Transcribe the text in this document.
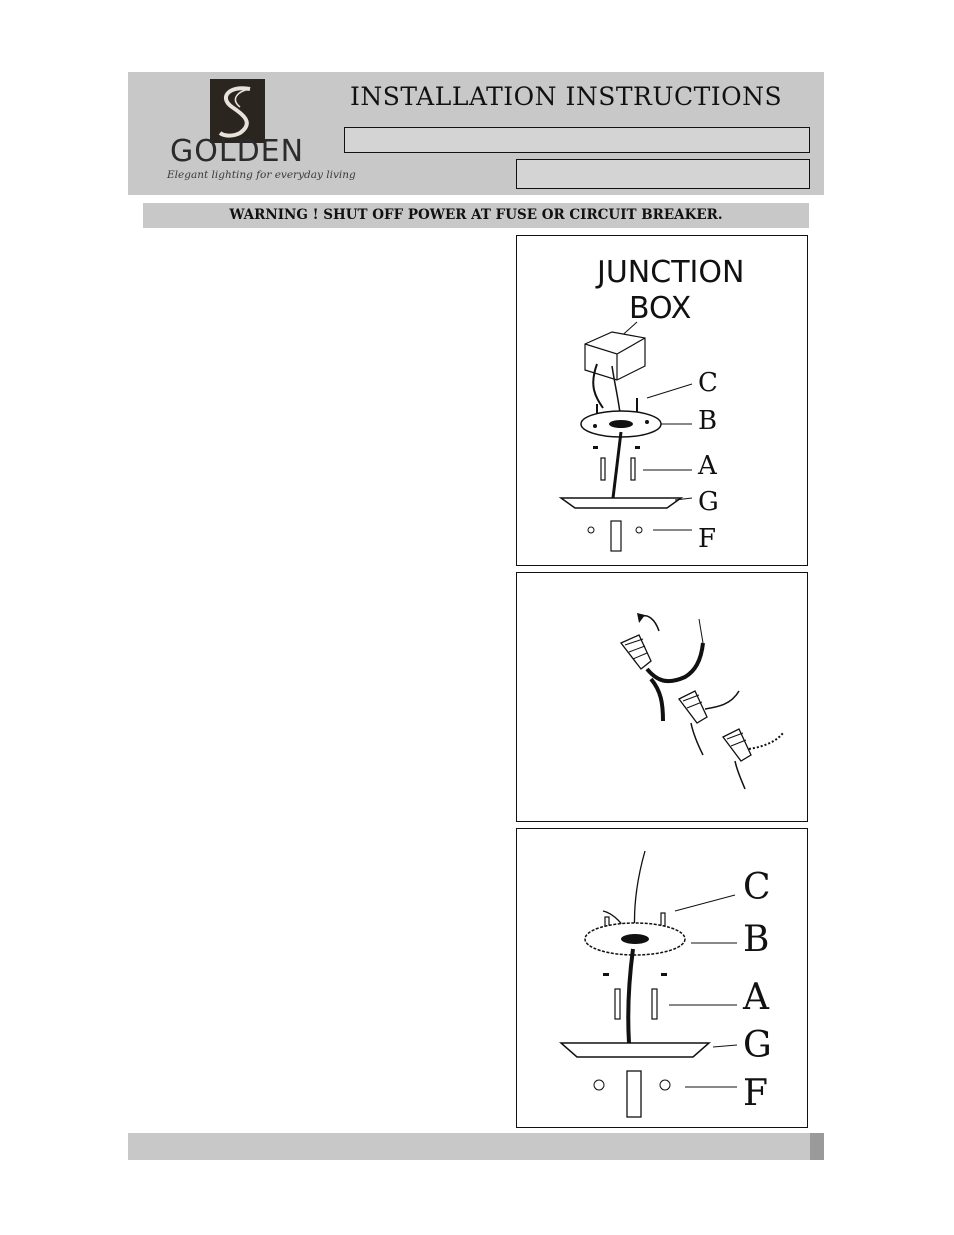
GOLDEN
Elegant lighting for everyday living
INSTALLATION INSTRUCTIONS
WARNING ! SHUT OFF POWER AT FUSE OR CIRCUIT BREAKER.
JUNCTION
BOX
C
B
A
G
F
C
B
A
G
F
